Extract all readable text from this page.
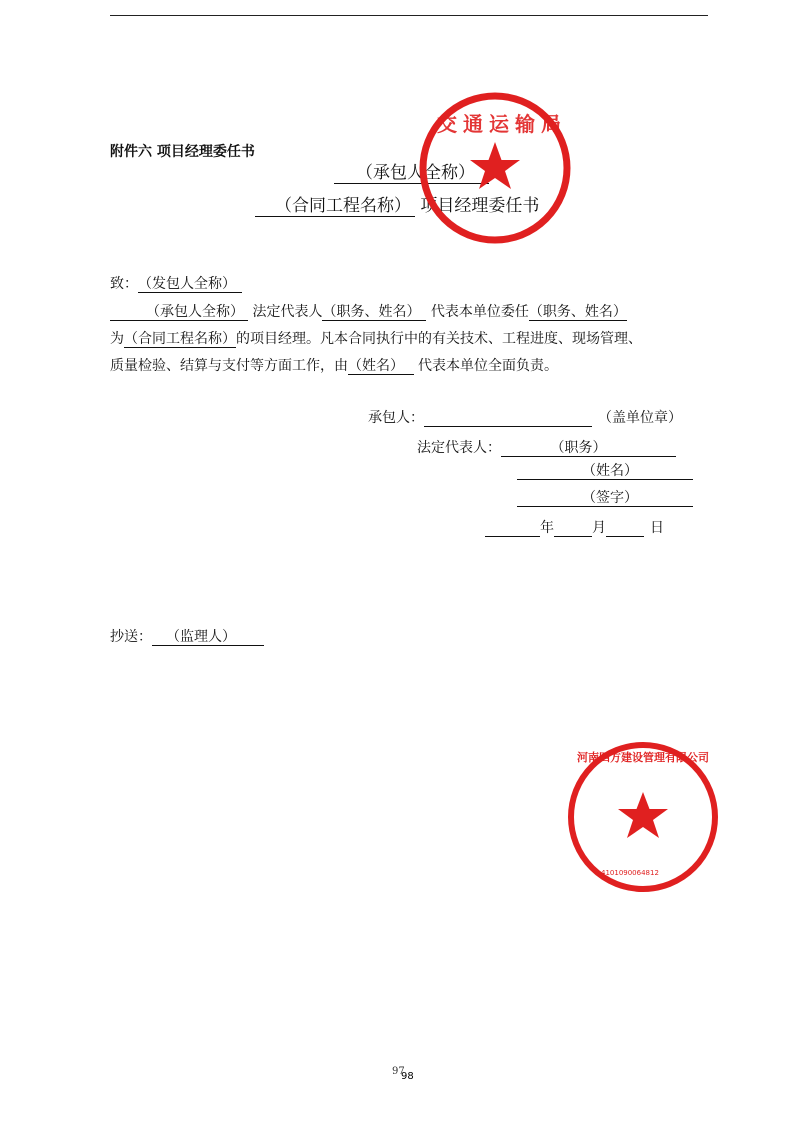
附件六 项目经理委任书
（承包人全称）
（合同工程名称） 项目经理委任书
致：（发包人全称）
（承包人全称） 法定代表人（职务、姓名） 代表本单位委任（职务、姓名）
为（合同工程名称）的项目经理。凡本合同执行中的有关技术、工程进度、现场管理、
质量检验、结算与支付等方面工作，由（姓名） 代表本单位全面负责。
承包人：	（盖单位章）
法定代表人：	（职务）
（姓名）
（签字）
年	月	日
抄送： （监理人）
交通运输局
河南四方建设管理有限公司
4101090064812
97
98
